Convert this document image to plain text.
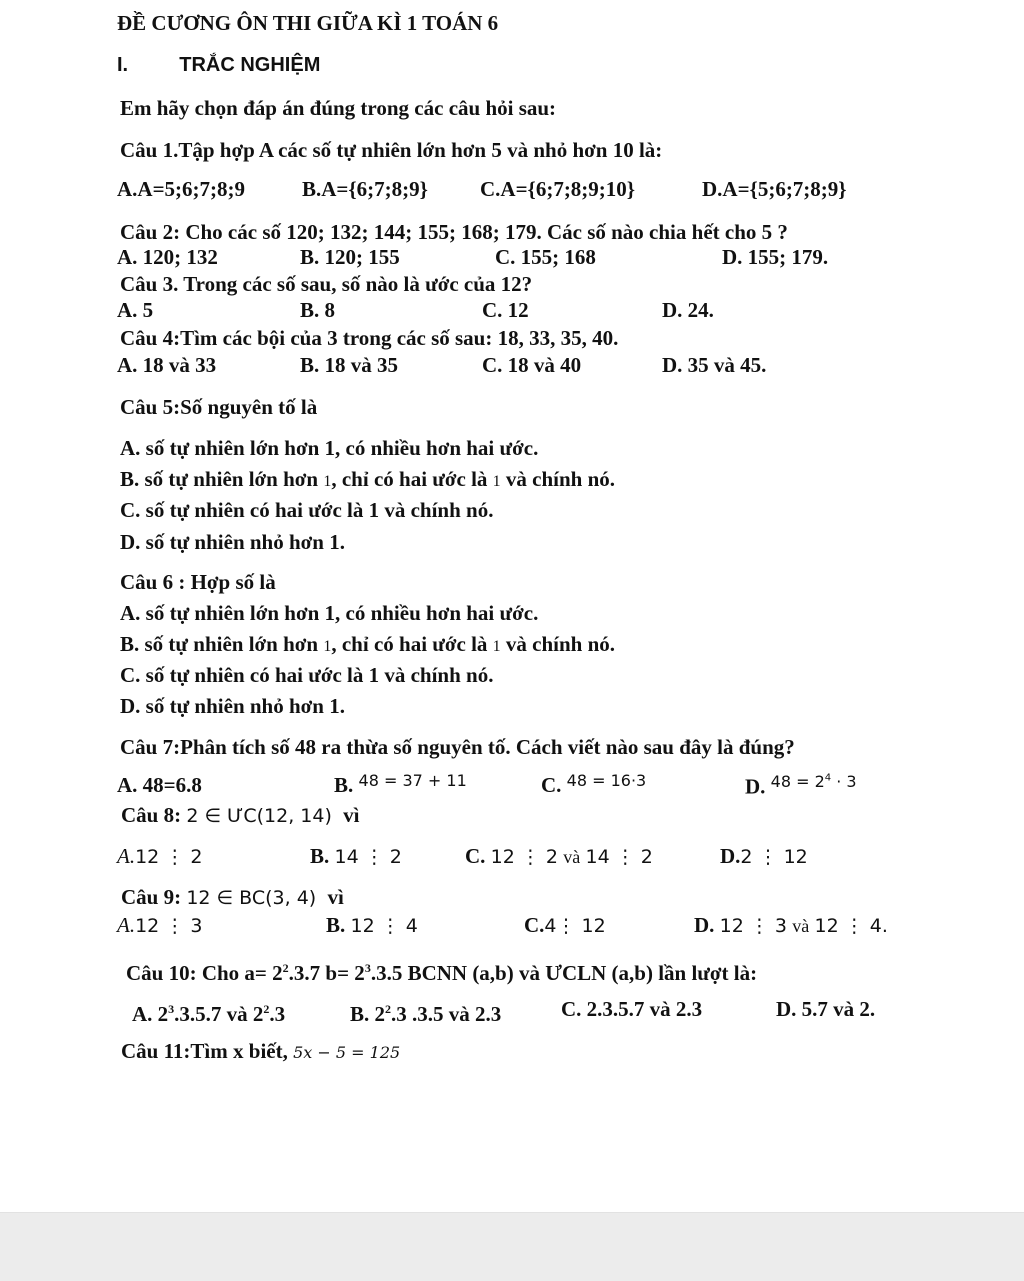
ĐỀ CƯƠNG ÔN THI GIỮA KÌ 1 TOÁN 6
I.	TRẮC NGHIỆM
Em hãy chọn đáp án đúng trong các câu hỏi sau:
Câu 1.Tập hợp A các số tự nhiên lớn hơn 5 và nhỏ hơn 10 là:
A.A=5;6;7;8;9	B.A={6;7;8;9} C.A={6;7;8;9;10}	D.A={5;6;7;8;9}
Câu 2: Cho các số 120; 132; 144; 155; 168; 179. Các số nào chia hết cho 5 ?
A. 120; 132	B. 120; 155	C. 155; 168	D. 155; 179.
Câu 3. Trong các số sau, số nào là ước của 12?
A. 5	B. 8	C. 12	D. 24.
Câu 4:Tìm các bội của 3 trong các số sau: 18, 33, 35, 40.
A. 18 và 33	B. 18 và 35	C. 18 và 40	D. 35 và 45.
Câu 5:Số nguyên tố là
A. số tự nhiên lớn hơn 1, có nhiều hơn hai ước.
B. số tự nhiên lớn hơn 1, chỉ có hai ước là 1 và chính nó.
C. số tự nhiên có hai ước là 1 và chính nó.
D. số tự nhiên nhỏ hơn 1.
Câu 6 : Hợp số là
A. số tự nhiên lớn hơn 1, có nhiều hơn hai ước.
B. số tự nhiên lớn hơn 1, chỉ có hai ước là 1 và chính nó.
C. số tự nhiên có hai ước là 1 và chính nó.
D. số tự nhiên nhỏ hơn 1.
Câu 7:Phân tích số 48 ra thừa số nguyên tố. Cách viết nào sau đây là đúng?
A. 48=6.8	B. $^{48 = 37 + 11}$	C. $^{48 = 16\cdot 3}$	D. $^{48 = 2^4 \cdot 3}$
Câu 8: 2 ∈ ƯC(12, 14) vì
A.12 ⋮ 2	B. 14 ⋮ 2	C. 12 ⋮ 2 và 14 ⋮ 2	D.2 ⋮ 12
Câu 9: 12 ∈ BC(3, 4) vì
A.12 ⋮ 3	B. 12 ⋮ 4	C.4⋮ 12	D. 12 ⋮ 3 và 12 ⋮ 4.
Câu 10: Cho $a= 2^2.3.7$ $b= 2^3.3.5$ BCNN (a,b) và ƯCLN (a,b) lần lượt là:
A. $2^3.3.5.7$ và $2^2.3$	B. $2^2.3$ .3.5 và 2.3	C. 2.3.5.7 và 2.3	D. 5.7 và 2.
Câu 11:Tìm x biết, 5x − 5 = 125
